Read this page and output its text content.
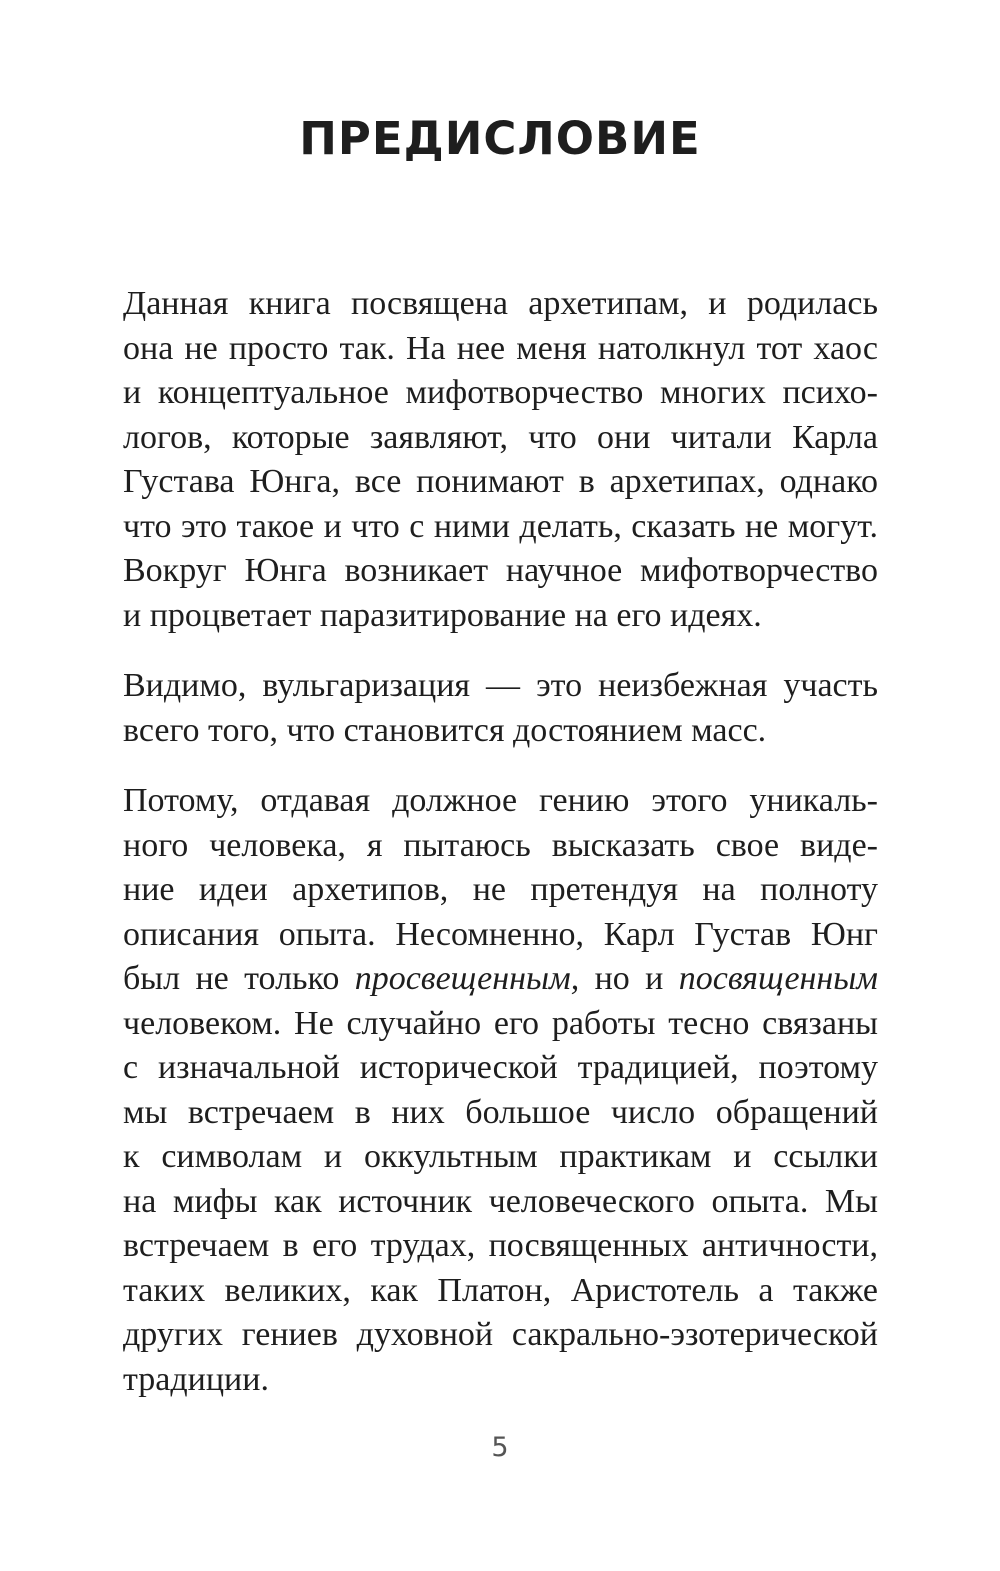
ПРЕДИСЛОВИЕ
Данная книга посвящена архетипам, и родилась
она не просто так. На нее меня натолкнул тот хаос
и концептуальное мифотворчество многих психо-
логов, которые заявляют, что они читали Карла
Густава Юнга, все понимают в архетипах, однако
что это такое и что с ними делать, сказать не могут.
Вокруг Юнга возникает научное мифотворчество
и процветает паразитирование на его идеях.
Видимо, вульгаризация — это неизбежная участь
всего того, что становится достоянием масс.
Потому, отдавая должное гению этого уникаль-
ного человека, я пытаюсь высказать свое виде-
ние идеи архетипов, не претендуя на полноту
описания опыта. Несомненно, Карл Густав Юнг
был не только просвещенным, но и посвященным
человеком. Не случайно его работы тесно связаны
с изначальной исторической традицией, поэтому
мы встречаем в них большое число обращений
к символам и оккультным практикам и ссылки
на мифы как источник человеческого опыта. Мы
встречаем в его трудах, посвященных античности,
таких великих, как Платон, Аристотель а также
других гениев духовной сакрально-эзотерической
традиции.
5
